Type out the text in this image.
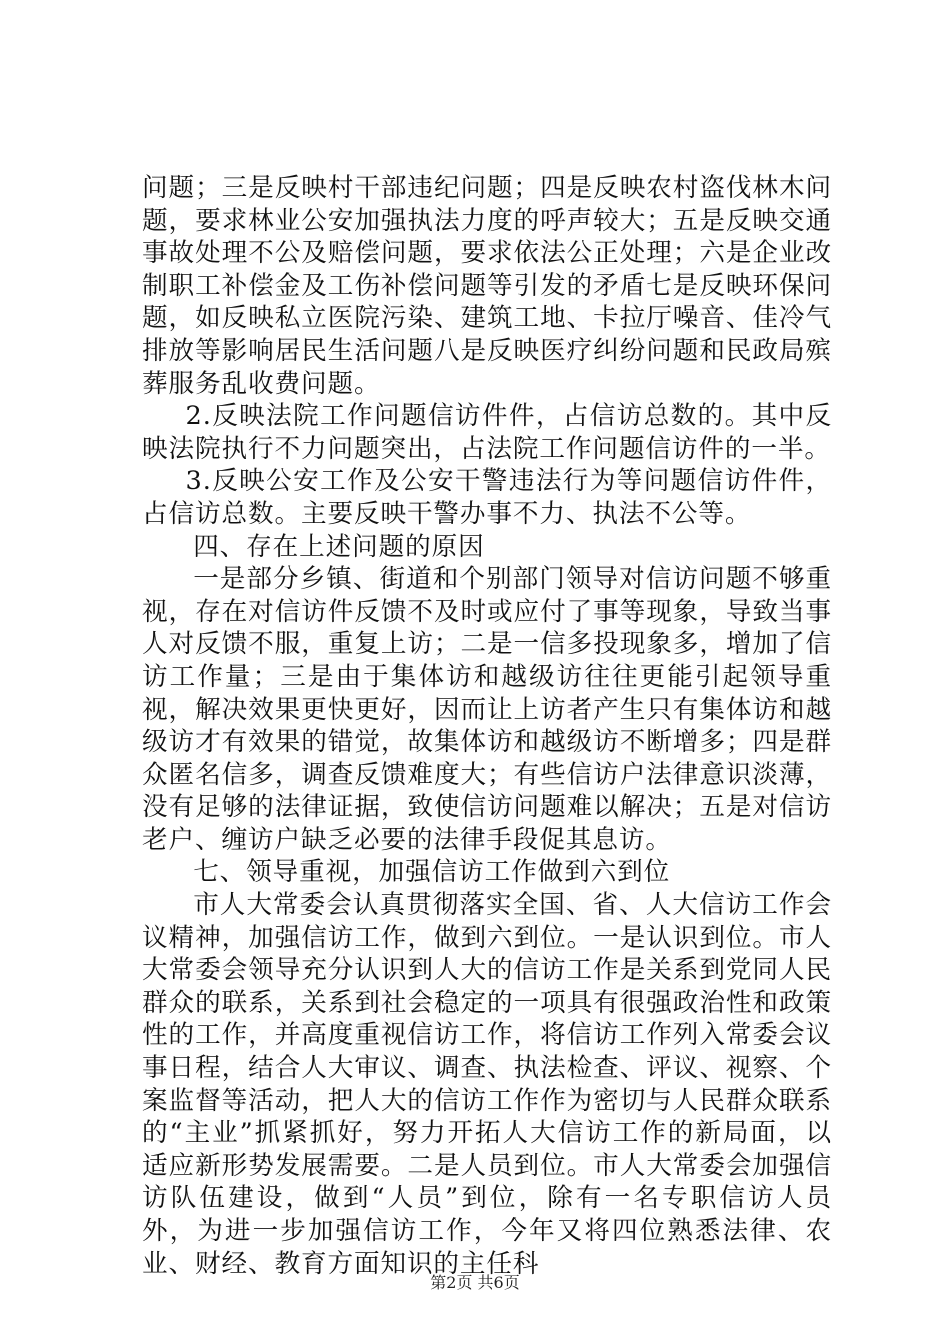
问题；三是反映村干部违纪问题；四是反映农村盗伐林木问题，要求林业公安加强执法力度的呼声较大；五是反映交通事故处理不公及赔偿问题，要求依法公正处理；六是企业改制职工补偿金及工伤补偿问题等引发的矛盾七是反映环保问题，如反映私立医院污染、建筑工地、卡拉厅噪音、佳冷气排放等影响居民生活问题八是反映医疗纠纷问题和民政局殡葬服务乱收费问题。

2.反映法院工作问题信访件件，占信访总数的。其中反映法院执行不力问题突出，占法院工作问题信访件的一半。

3.反映公安工作及公安干警违法行为等问题信访件件，占信访总数。主要反映干警办事不力、执法不公等。

四、存在上述问题的原因

一是部分乡镇、街道和个别部门领导对信访问题不够重视，存在对信访件反馈不及时或应付了事等现象，导致当事人对反馈不服，重复上访；二是一信多投现象多，增加了信访工作量；三是由于集体访和越级访往往更能引起领导重视，解决效果更快更好，因而让上访者产生只有集体访和越级访才有效果的错觉，故集体访和越级访不断增多；四是群众匿名信多，调查反馈难度大；有些信访户法律意识淡薄，没有足够的法律证据，致使信访问题难以解决；五是对信访老户、缠访户缺乏必要的法律手段促其息访。

七、领导重视，加强信访工作做到六到位

市人大常委会认真贯彻落实全国、省、人大信访工作会议精神，加强信访工作，做到六到位。一是认识到位。市人大常委会领导充分认识到人大的信访工作是关系到党同人民群众的联系，关系到社会稳定的一项具有很强政治性和政策性的工作，并高度重视信访工作，将信访工作列入常委会议事日程，结合人大审议、调查、执法检查、评议、视察、个案监督等活动，把人大的信访工作作为密切与人民群众联系的“主业”抓紧抓好，努力开拓人大信访工作的新局面，以适应新形势发展需要。二是人员到位。市人大常委会加强信访队伍建设，做到“人员”到位，除有一名专职信访人员外，为进一步加强信访工作，今年又将四位熟悉法律、农业、财经、教育方面知识的主任科

第2页 共6页
